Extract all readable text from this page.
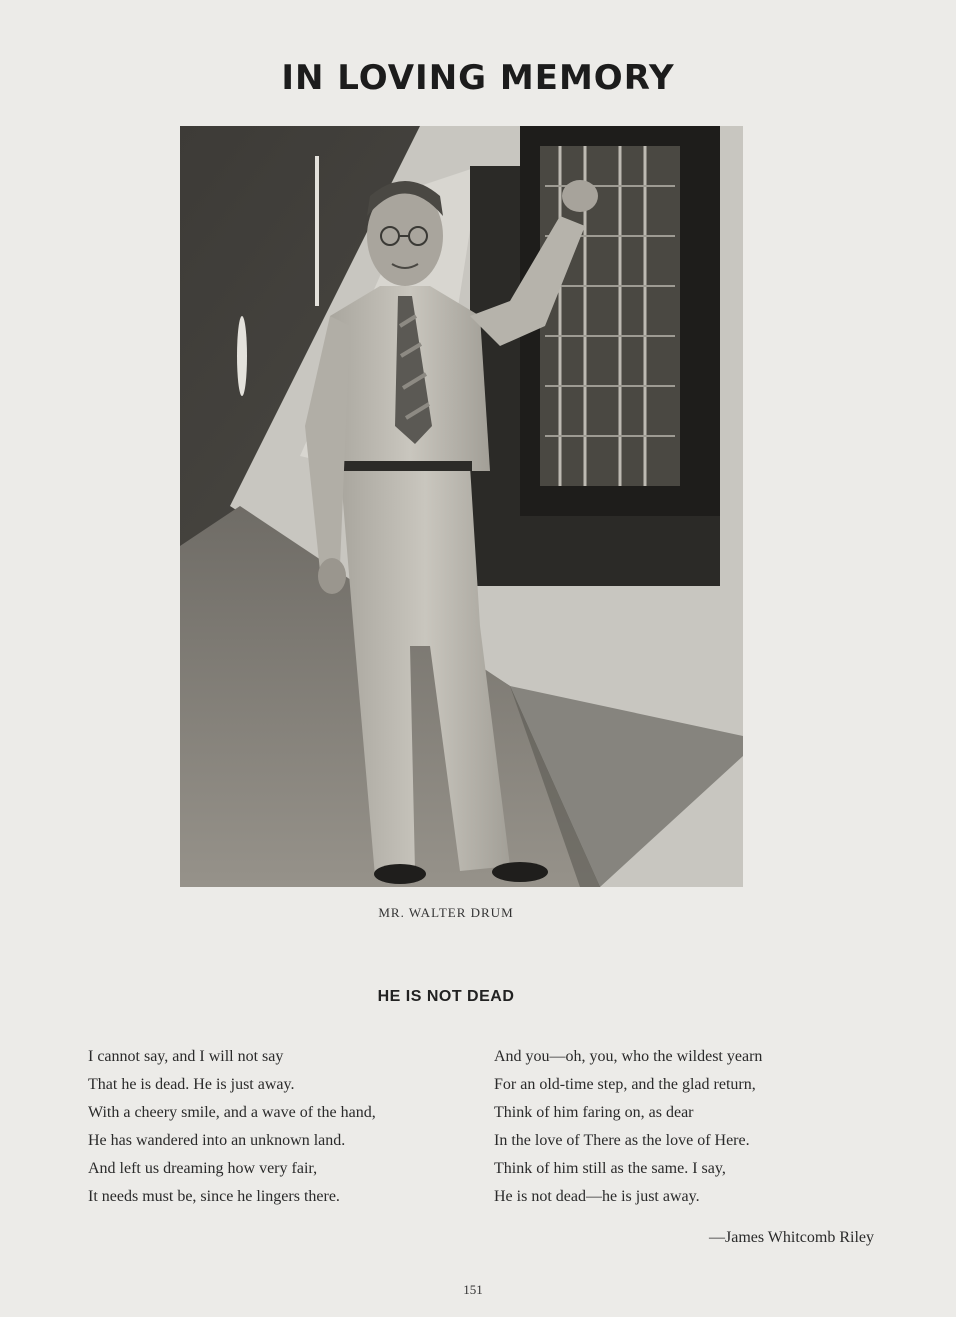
IN LOVING MEMORY
MR. WALTER DRUM
HE IS NOT DEAD
I cannot say, and I will not say
That he is dead. He is just away.
With a cheery smile, and a wave of the hand,
He has wandered into an unknown land.
And left us dreaming how very fair,
It needs must be, since he lingers there.
And you—oh, you, who the wildest yearn
For an old-time step, and the glad return,
Think of him faring on, as dear
In the love of There as the love of Here.
Think of him still as the same. I say,
He is not dead—he is just away.
—James Whitcomb Riley
151
